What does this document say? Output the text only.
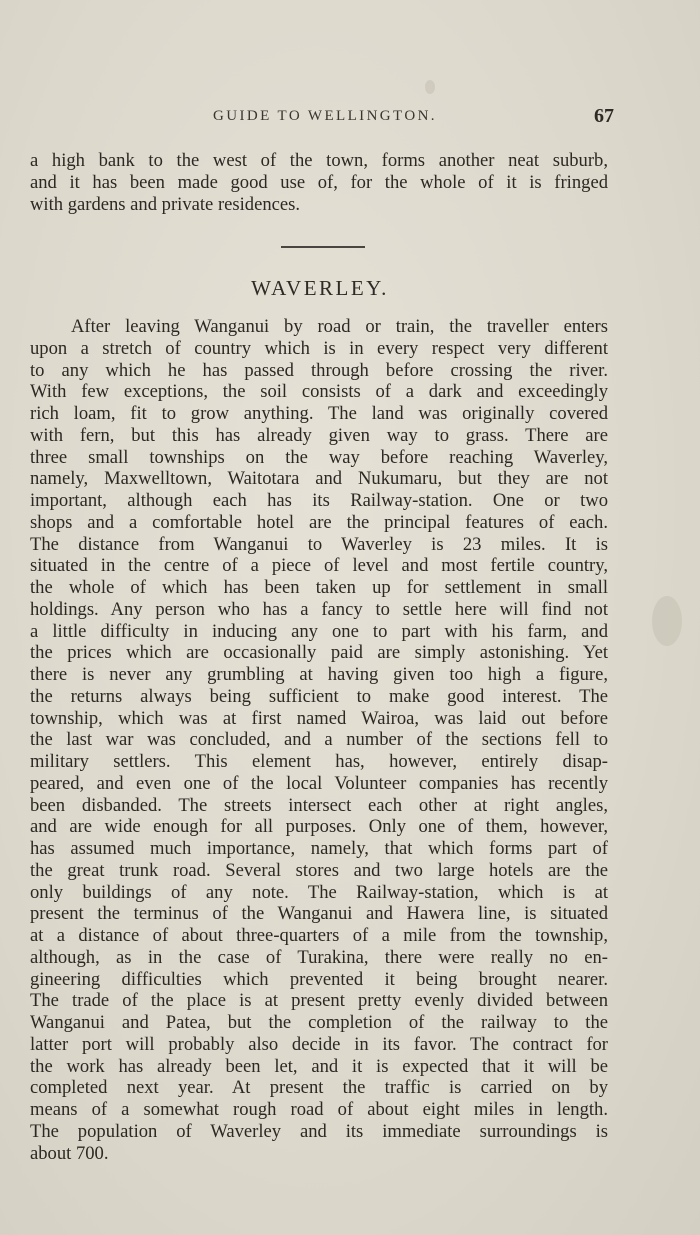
GUIDE TO WELLINGTON.	67
a high bank to the west of the town, forms another neat suburb,
and it has been made good use of, for the whole of it is fringed
with gardens and private residences.
WAVERLEY.
After leaving Wanganui by road or train, the traveller enters
upon a stretch of country which is in every respect very different
to any which he has passed through before crossing the river.
With few exceptions, the soil consists of a dark and exceedingly
rich loam, fit to grow anything. The land was originally covered
with fern, but this has already given way to grass. There are
three small townships on the way before reaching Waverley,
namely, Maxwelltown, Waitotara and Nukumaru, but they are not
important, although each has its Railway-station. One or two
shops and a comfortable hotel are the principal features of each.
The distance from Wanganui to Waverley is 23 miles. It is
situated in the centre of a piece of level and most fertile country,
the whole of which has been taken up for settlement in small
holdings. Any person who has a fancy to settle here will find not
a little difficulty in inducing any one to part with his farm, and
the prices which are occasionally paid are simply astonishing. Yet
there is never any grumbling at having given too high a figure,
the returns always being sufficient to make good interest. The
township, which was at first named Wairoa, was laid out before
the last war was concluded, and a number of the sections fell to
military settlers. This element has, however, entirely disap-
peared, and even one of the local Volunteer companies has recently
been disbanded. The streets intersect each other at right angles,
and are wide enough for all purposes. Only one of them, however,
has assumed much importance, namely, that which forms part of
the great trunk road. Several stores and two large hotels are the
only buildings of any note. The Railway-station, which is at
present the terminus of the Wanganui and Hawera line, is situated
at a distance of about three-quarters of a mile from the township,
although, as in the case of Turakina, there were really no en-
gineering difficulties which prevented it being brought nearer.
The trade of the place is at present pretty evenly divided between
Wanganui and Patea, but the completion of the railway to the
latter port will probably also decide in its favor. The contract for
the work has already been let, and it is expected that it will be
completed next year. At present the traffic is carried on by
means of a somewhat rough road of about eight miles in length.
The population of Waverley and its immediate surroundings is
about 700.
